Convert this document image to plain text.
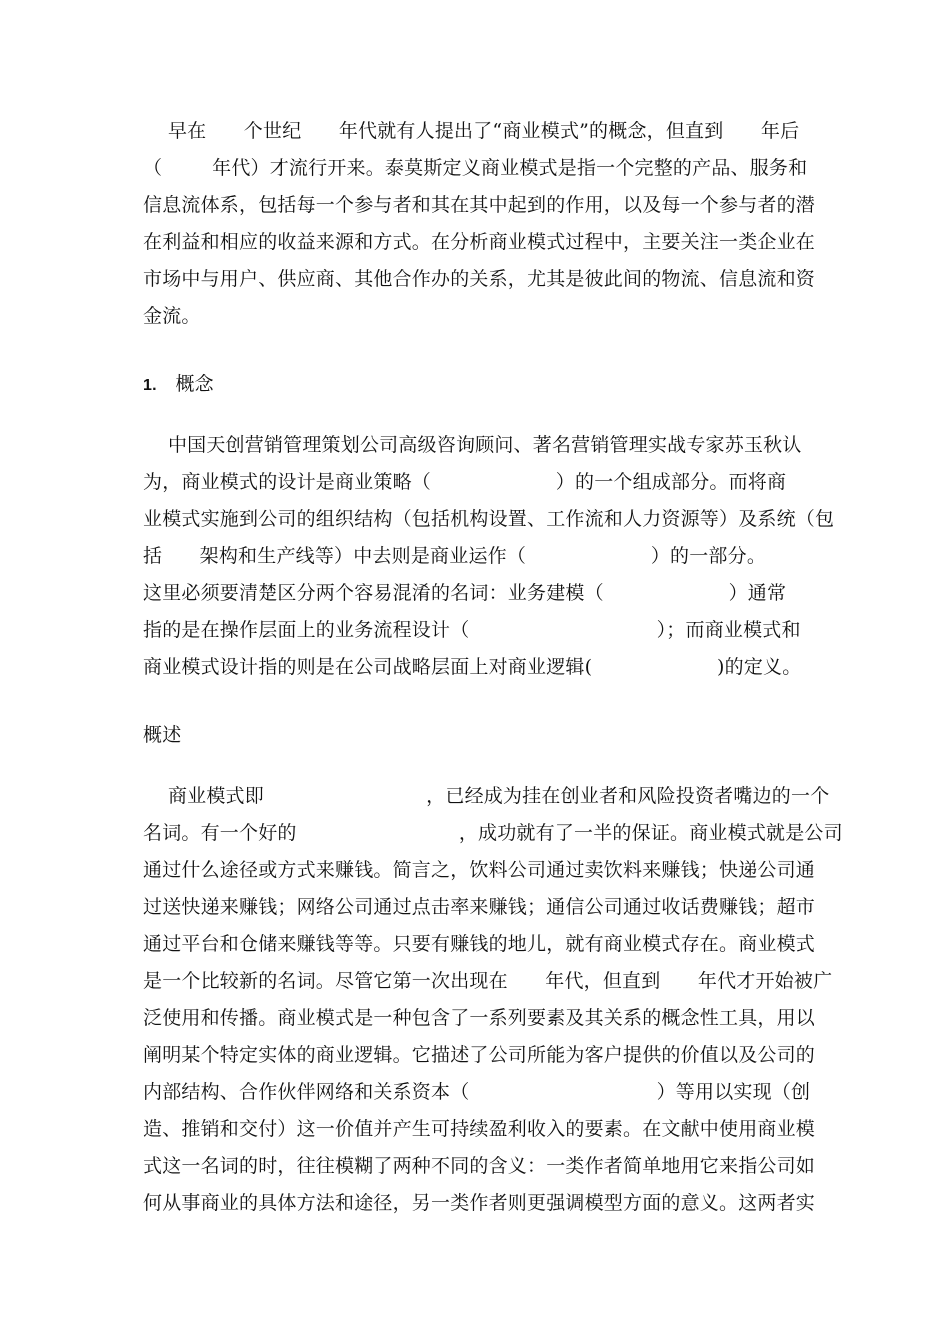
早在      个世纪      年代就有人提出了“商业模式”的概念，但直到      年后
（        年代）才流行开来。泰莫斯定义商业模式是指一个完整的产品、服务和
信息流体系，包括每一个参与者和其在其中起到的作用，以及每一个参与者的潜
在利益和相应的收益来源和方式。在分析商业模式过程中，主要关注一类企业在
市场中与用户、供应商、其他合作办的关系，尤其是彼此间的物流、信息流和资
金流。
1. 概念
中国天创营销管理策划公司高级咨询顾问、著名营销管理实战专家苏玉秋认
为，商业模式的设计是商业策略（                    ）的一个组成部分。而将商
业模式实施到公司的组织结构（包括机构设置、工作流和人力资源等）及系统（包
括      架构和生产线等）中去则是商业运作（                    ）的一部分。
这里必须要清楚区分两个容易混淆的名词：业务建模（                    ）通常
指的是在操作层面上的业务流程设计（                              ）；而商业模式和
商业模式设计指的则是在公司战略层面上对商业逻辑(                    )的定义。
概述
商业模式即                          ，已经成为挂在创业者和风险投资者嘴边的一个
名词。有一个好的                          ，成功就有了一半的保证。商业模式就是公司
通过什么途径或方式来赚钱。简言之，饮料公司通过卖饮料来赚钱；快递公司通
过送快递来赚钱；网络公司通过点击率来赚钱；通信公司通过收话费赚钱；超市
通过平台和仓储来赚钱等等。只要有赚钱的地儿，就有商业模式存在。商业模式
是一个比较新的名词。尽管它第一次出现在      年代，但直到      年代才开始被广
泛使用和传播。商业模式是一种包含了一系列要素及其关系的概念性工具，用以
阐明某个特定实体的商业逻辑。它描述了公司所能为客户提供的价值以及公司的
内部结构、合作伙伴网络和关系资本（                              ）等用以实现（创
造、推销和交付）这一价值并产生可持续盈利收入的要素。在文献中使用商业模
式这一名词的时，往往模糊了两种不同的含义：一类作者简单地用它来指公司如
何从事商业的具体方法和途径，另一类作者则更强调模型方面的意义。这两者实
